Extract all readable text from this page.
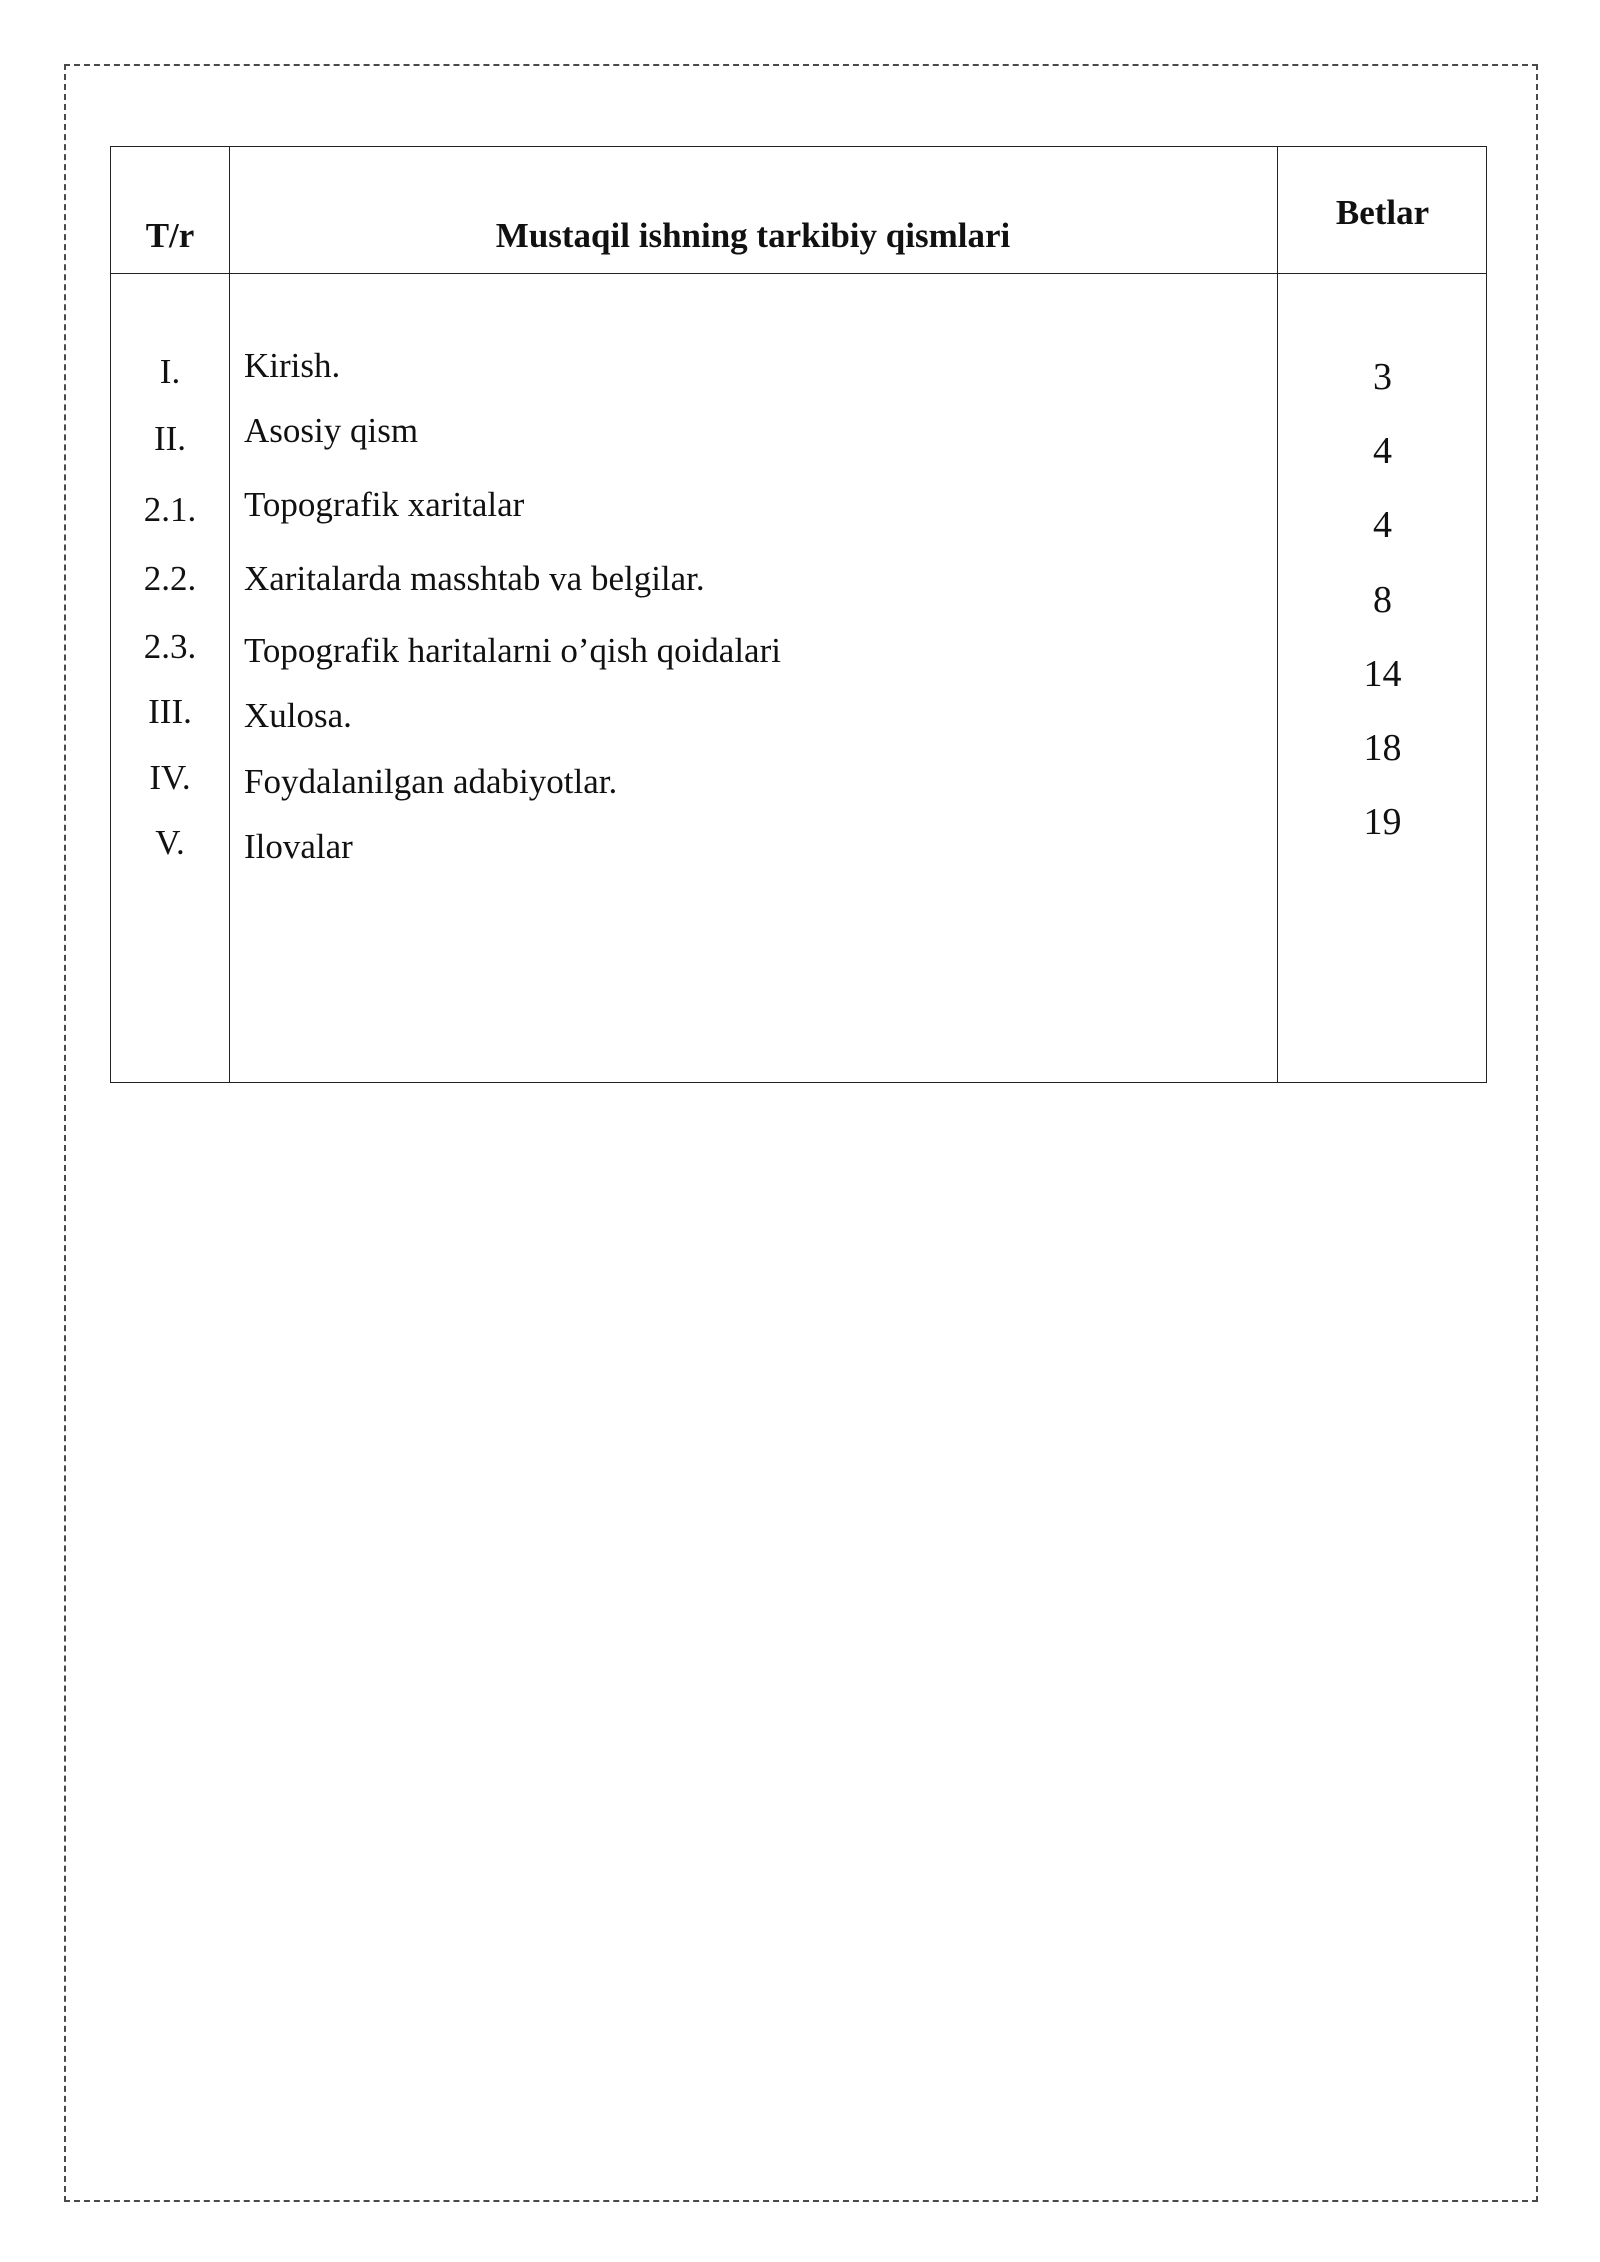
T/r	Mustaqil ishning tarkibiy qismlari
Betlar
I.
II.
2.1.
2.2.
2.3.
III.
IV.
V.
Kirish.
Asosiy qism
Topografik xaritalar
Xaritalarda masshtab va belgilar.
Topografik haritalarni o’qish qoidalari
Xulosa.
Foydalanilgan adabiyotlar.
Ilovalar
3
4
4
8
14
18
19
